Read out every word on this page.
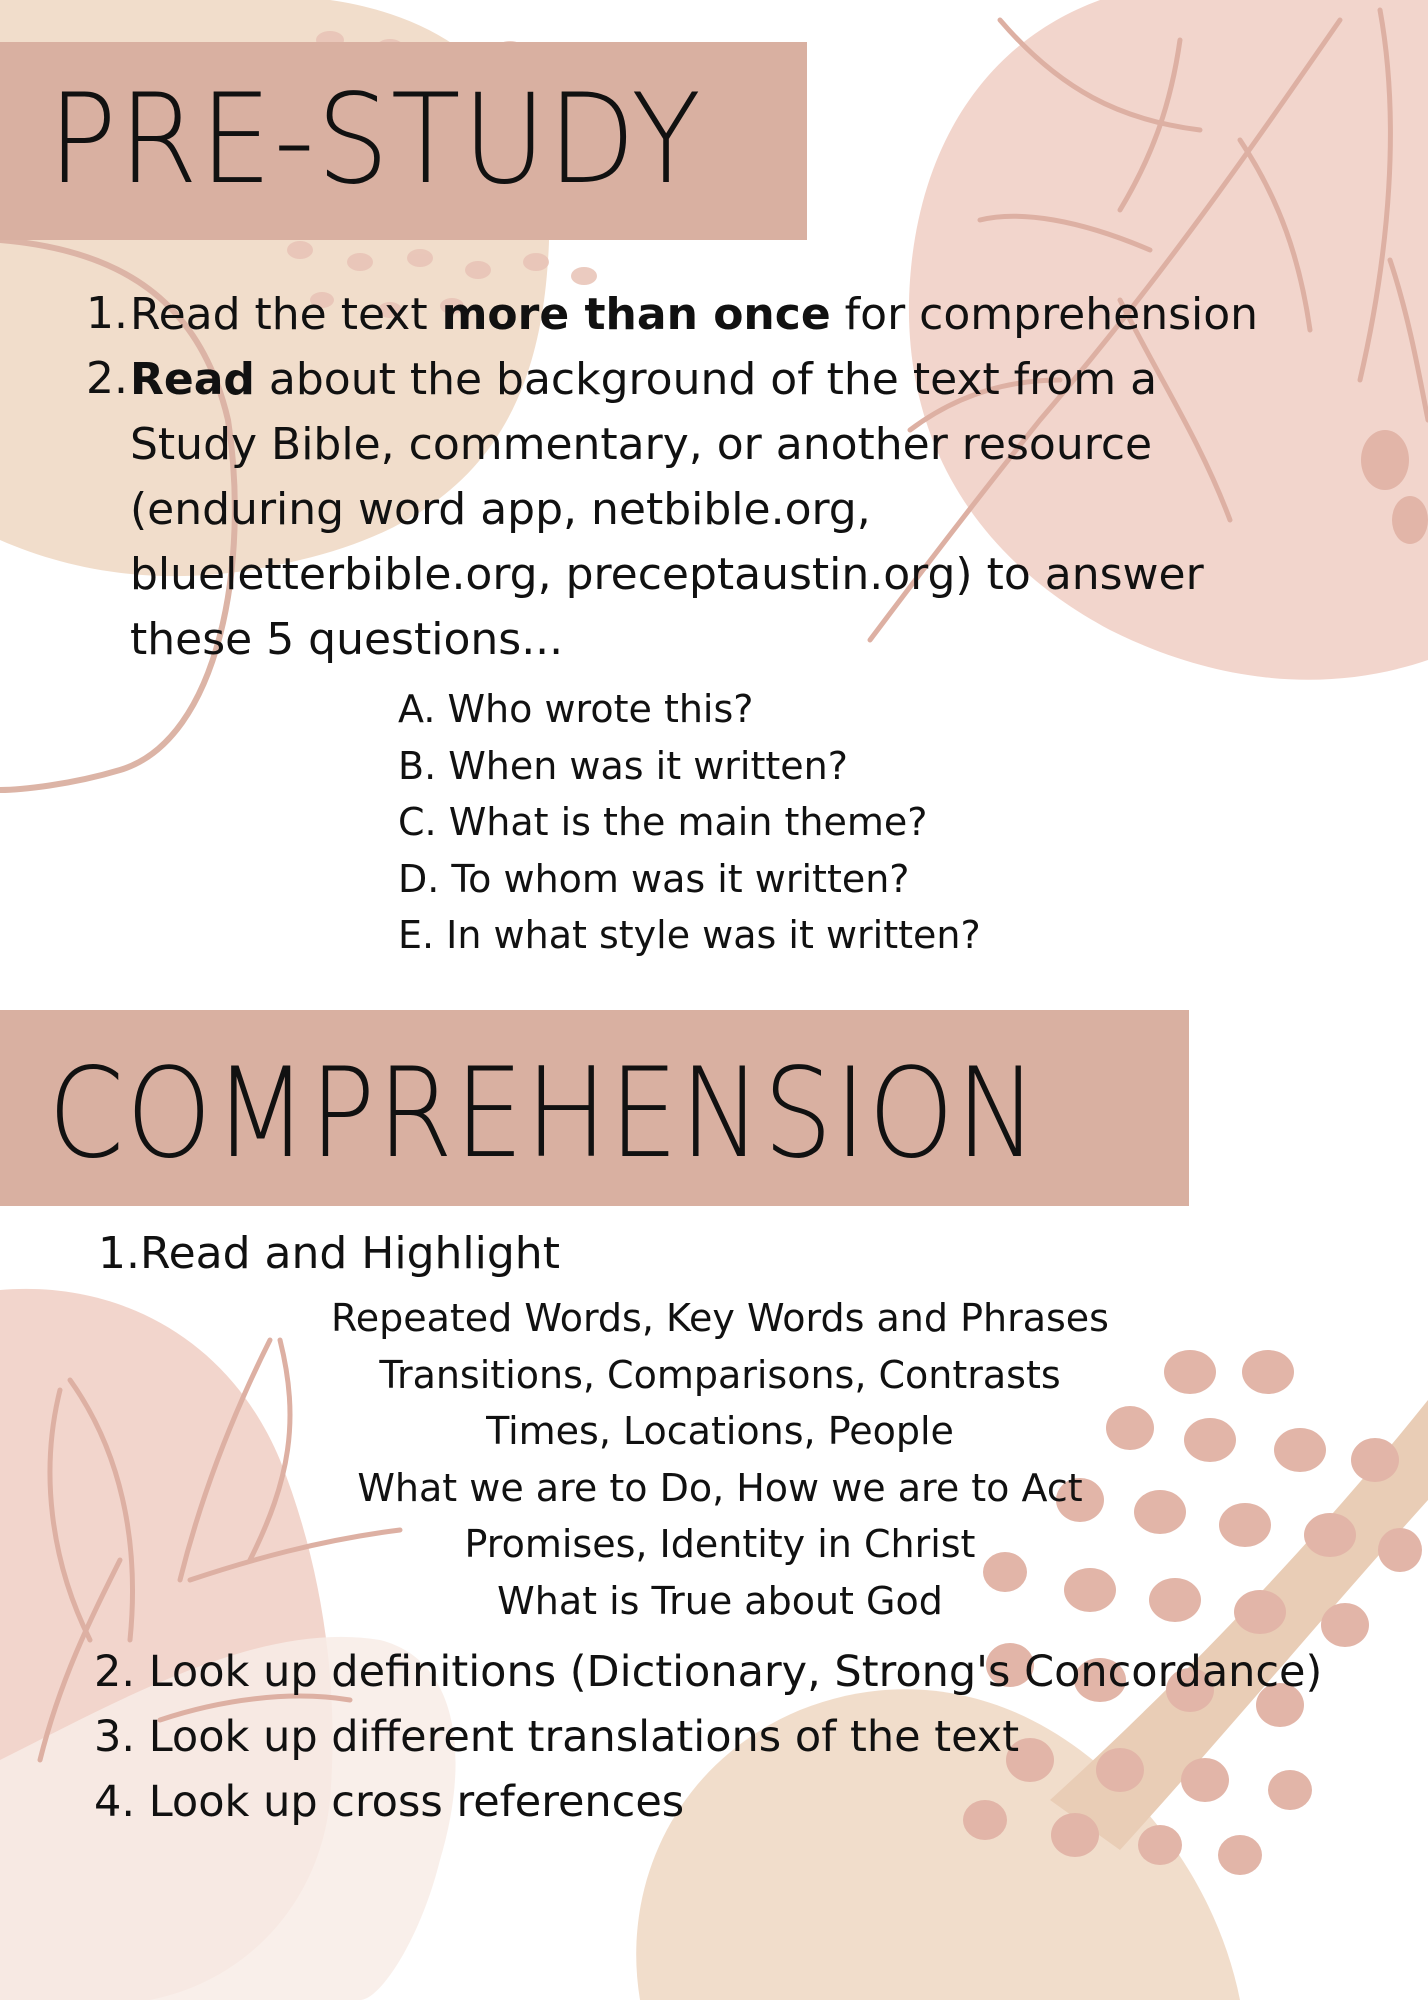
PRE-STUDY
1. Read the text more than once for comprehension
2. Read about the background of the text from a
Study Bible, commentary, or another resource
(enduring word app, netbible.org,
blueletterbible.org, preceptaustin.org) to answer
these 5 questions...
A. Who wrote this?
B. When was it written?
C. What is the main theme?
D. To whom was it written?
E. In what style was it written?
COMPREHENSION
1.Read and Highlight
Repeated Words, Key Words and Phrases
Transitions, Comparisons, Contrasts
Times, Locations, People
What we are to Do, How we are to Act
Promises, Identity in Christ
What is True about God
2. Look up definitions (Dictionary, Strong's Concordance)
3. Look up different translations of the text
4. Look up cross references
